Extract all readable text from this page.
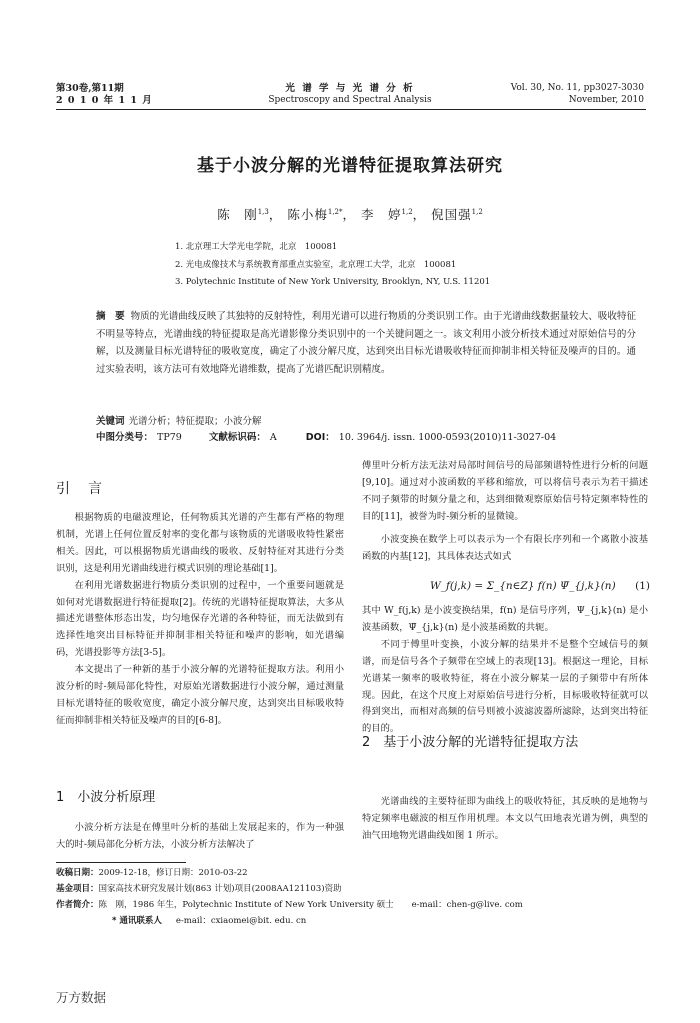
第30卷,第11期
2 0 1 0 年 1 1 月
光 谱 学 与 光 谱 分 析
Spectroscopy and Spectral Analysis
Vol. 30, No. 11, pp3027-3030
November, 2010
基于小波分解的光谱特征提取算法研究
陈　刚$^{1,3}$， 陈小梅$^{1,2*}$， 李　婷$^{1,2}$， 倪国强$^{1,2}$
1. 北京理工大学光电学院，北京　100081
2. 光电成像技术与系统教育部重点实验室，北京理工大学，北京　100081
3. Polytechnic Institute of New York University, Brooklyn, NY, U.S. 11201
摘　要 物质的光谱曲线反映了其独特的反射特性，利用光谱可以进行物质的分类识别工作。由于光谱曲线数据量较大、吸收特征不明显等特点，光谱曲线的特征提取是高光谱影像分类识别中的一个关键问题之一。该文利用小波分析技术通过对原始信号的分解，以及测量目标光谱特征的吸收宽度，确定了小波分解尺度，达到突出目标光谱吸收特征而抑制非相关特征及噪声的目的。通过实验表明，该方法可有效地降光谱维数，提高了光谱匹配识别精度。
关键词 光谱分析；特征提取；小波分解
中图分类号： TP79	文献标识码： A	DOI： 10. 3964/j. issn. 1000-0593(2010)11-3027-04
引　言

根据物质的电磁波理论，任何物质其光谱的产生都有严格的物理机制，光谱上任何位置反射率的变化都与该物质的光谱吸收特性紧密相关。因此，可以根据物质光谱曲线的吸收、反射特征对其进行分类识别，这是利用光谱曲线进行模式识别的理论基础[1]。

在利用光谱数据进行物质分类识别的过程中，一个重要问题就是如何对光谱数据进行特征提取[2]。传统的光谱特征提取算法，大多从描述光谱整体形态出发，均匀地保存光谱的各种特征，而无法做到有选择性地突出目标特征并抑制非相关特征和噪声的影响，如光谱编码，光谱投影等方法[3-5]。

本文提出了一种新的基于小波分解的光谱特征提取方法。利用小波分析的时-频局部化特性，对原始光谱数据进行小波分解，通过测量目标光谱特征的吸收宽度，确定小波分解尺度，达到突出目标吸收特征而抑制非相关特征及噪声的目的[6-8]。

1　小波分析原理

小波分析方法是在傅里叶分析的基础上发展起来的，作为一种强大的时-频局部化分析方法，小波分析方法解决了

傅里叶分析方法无法对局部时间信号的局部频谱特性进行分析的问题[9,10]。通过对小波函数的平移和缩放，可以将信号表示为若干描述不同子频带的时频分量之和，达到细微观察原始信号特定频率特性的目的[11]，被誉为时-频分析的显微镜。

小波变换在数学上可以表示为一个有限长序列和一个离散小波基函数的内基[12]，其具体表达式如式

W_f(j,k) = Σ_{n∈Z} f(n) Ψ̄_{j,k}(n) (1)

其中 W_f(j,k) 是小波变换结果，f(n) 是信号序列，Ψ_{j,k}(n) 是小波基函数，Ψ̄_{j,k}(n) 是小波基函数的共轭。

不同于傅里叶变换，小波分解的结果并不是整个空域信号的频谱，而是信号各个子频带在空域上的表现[13]。根据这一理论，目标光谱某一频率的吸收特征，将在小波分解某一层的子频带中有所体现。因此，在这个尺度上对原始信号进行分析，目标吸收特征就可以得到突出，而相对高频的信号则被小波滤波器所滤除，达到突出特征的目的。

2　基于小波分解的光谱特征提取方法

光谱曲线的主要特征即为曲线上的吸收特征，其反映的是地物与特定频率电磁波的相互作用机理。本文以气田地表光谱为例，典型的油气田地物光谱曲线如图 1 所示。

收稿日期：2009-12-18，修订日期：2010-03-22
基金项目：国家高技术研究发展计划(863 计划)项目(2008AA121103)资助
作者简介：陈　刚，1986 年生，Polytechnic Institute of New York University 硕士 e-mail：chen-g@live. com
* 通讯联系人 e-mail：cxiaomei@bit. edu. cn
万方数据
